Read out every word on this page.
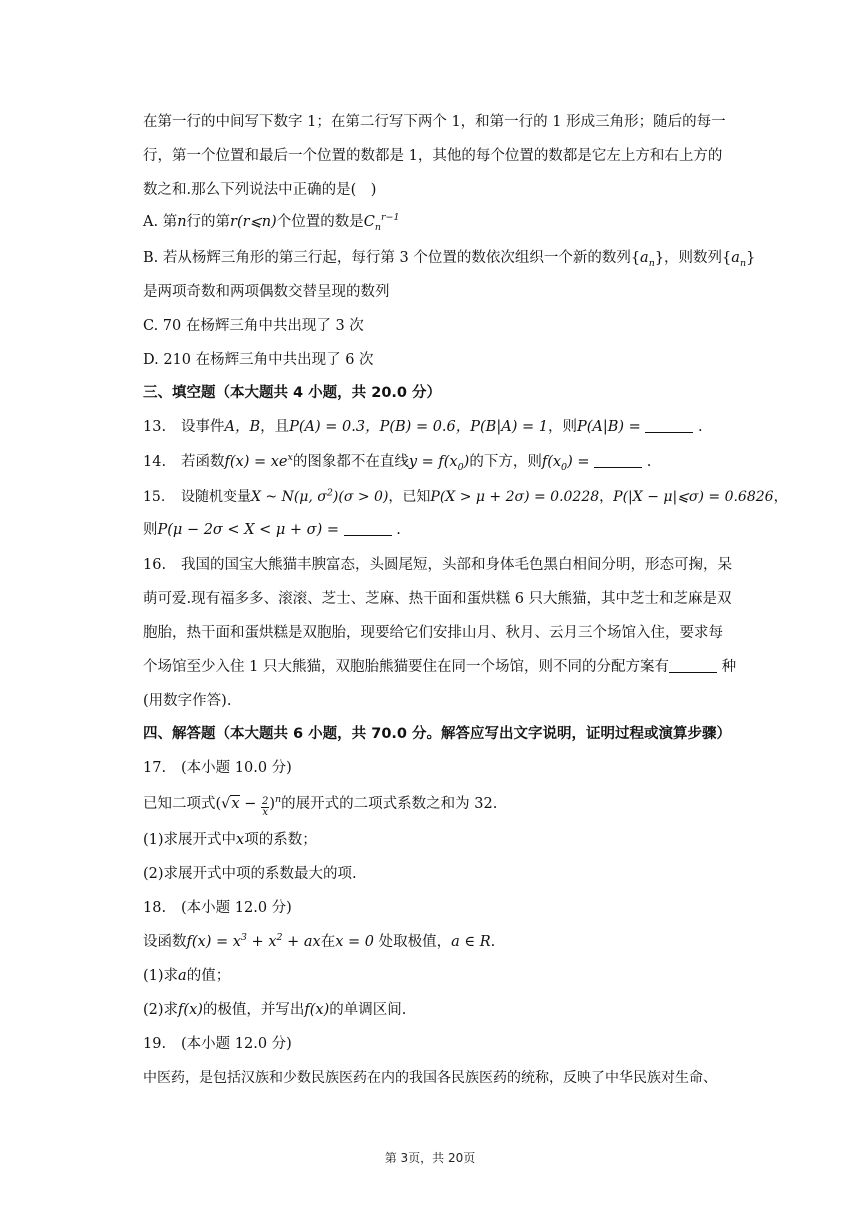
在第一行的中间写下数字 1；在第二行写下两个 1，和第一行的 1 形成三角形；随后的每一
行，第一个位置和最后一个位置的数都是 1，其他的每个位置的数都是它左上方和右上方的
数之和.那么下列说法中正确的是(　)
A. 第n行的第r(r⩽n)个位置的数是$C_n^{r-1}$
B. 若从杨辉三角形的第三行起，每行第 3 个位置的数依次组织一个新的数列$\{a_n\}$，则数列$\{a_n\}$
是两项奇数和两项偶数交替呈现的数列
C. 70 在杨辉三角中共出现了 3 次
D. 210 在杨辉三角中共出现了 6 次
三、填空题（本大题共 4 小题，共 20.0 分）
13. 设事件A，B，且P(A) = 0.3，P(B) = 0.6，P(B|A) = 1，则P(A|B) =	.
14. 若函数$f(x) = xe^x$的图象都不在直线$y = f(x_0)$的下方，则$f(x_0)$ =	.
15. 设随机变量X ~ N(μ, $\sigma^2)(\sigma > 0)$，已知P(X > μ + 2σ) = 0.0228，P(|X − μ|⩽σ) = 0.6826，
则P(μ − 2σ < X < μ + σ) =	.
16. 我国的国宝大熊猫丰腴富态，头圆尾短，头部和身体毛色黑白相间分明，形态可掬，呆
萌可爱.现有福多多、滚滚、芝士、芝麻、热干面和蛋烘糕 6 只大熊猫，其中芝士和芝麻是双
胞胎，热干面和蛋烘糕是双胞胎，现要给它们安排山月、秋月、云月三个场馆入住，要求每
个场馆至少入住 1 只大熊猫，双胞胎熊猫要住在同一个场馆，则不同的分配方案有	种
(用数字作答).
四、解答题（本大题共 6 小题，共 70.0 分。解答应写出文字说明，证明过程或演算步骤）
17. (本小题 10.0 分)
已知二项式$(√x - \frac{2}{x} )^n$的展开式的二项式系数之和为 32.
(1)求展开式中x项的系数；
(2)求展开式中项的系数最大的项.
18. (本小题 12.0 分)
设函数$f(x) = x^3 + x^2$ + ax在x = 0 处取极值，a ∈ R.
(1)求a的值；
(2)求f(x)的极值，并写出f(x)的单调区间.
19. (本小题 12.0 分)
中医药，是包括汉族和少数民族医药在内的我国各民族医药的统称，反映了中华民族对生命、
第 3页，共 20页
